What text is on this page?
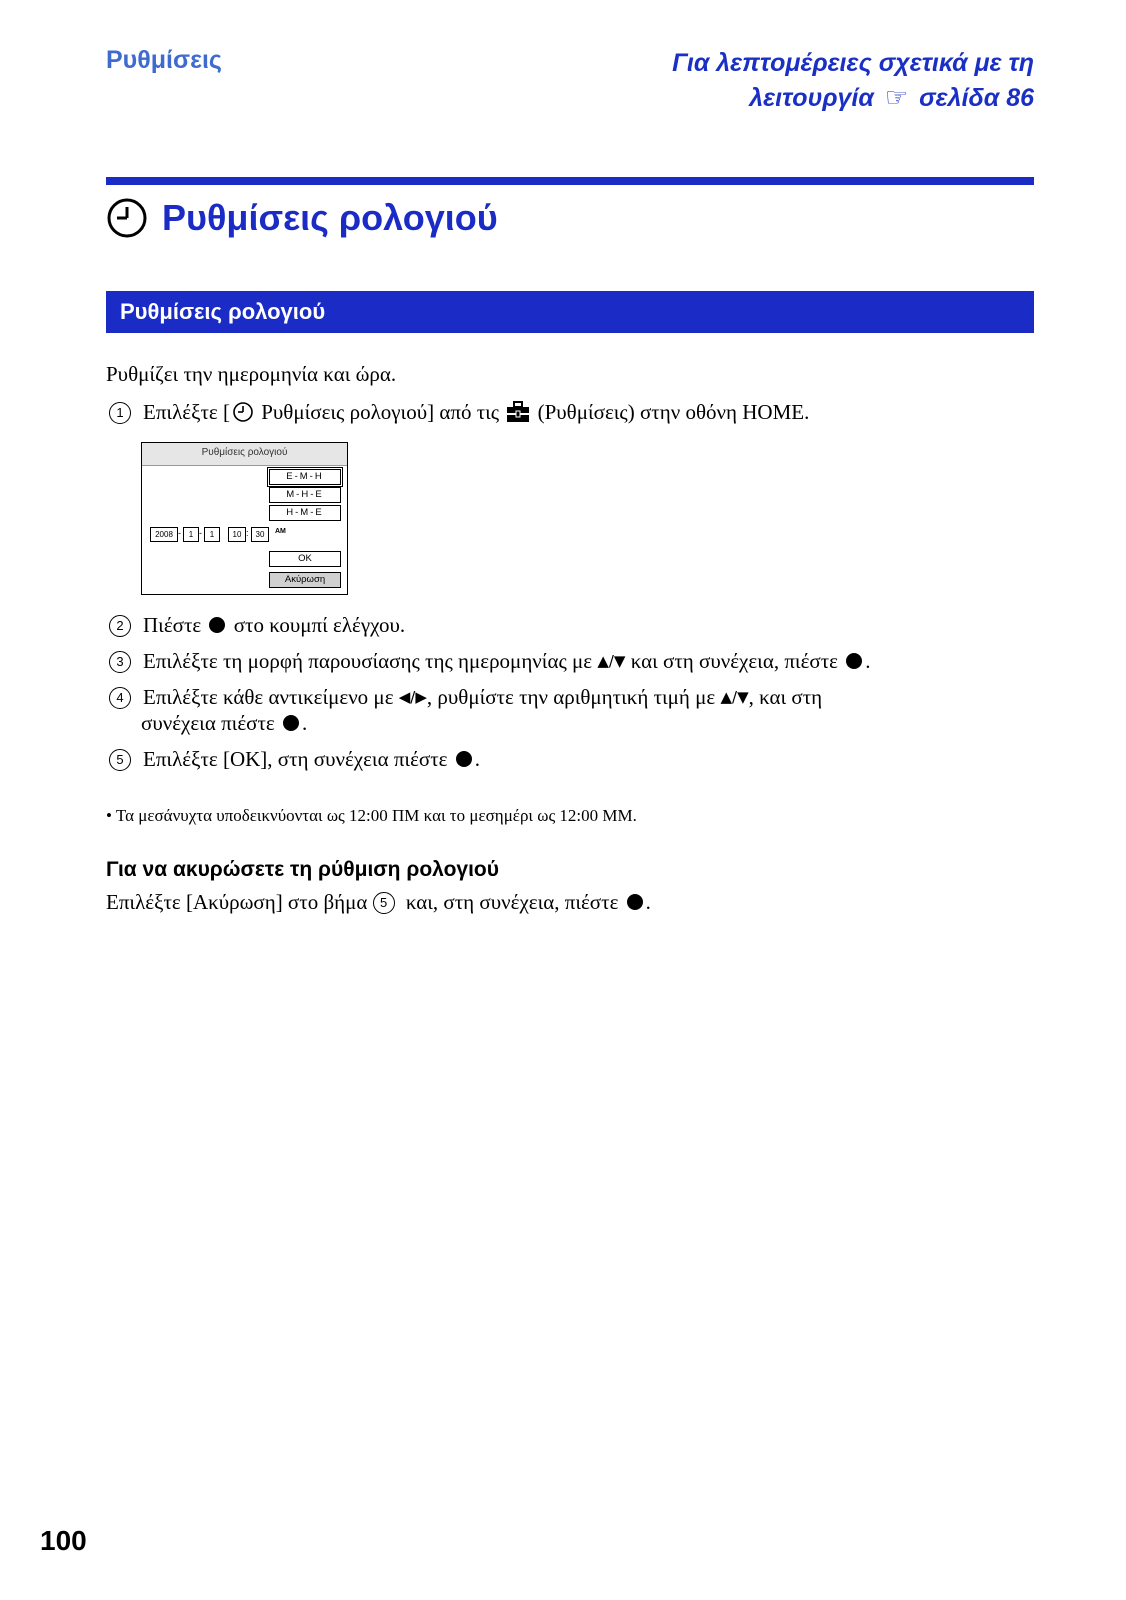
Ρυθμίσεις	Για λεπτομέρειες σχετικά με τη
λειτουργία ☞ σελίδα 86
Ρυθμίσεις ρολογιού
Ρυθμίσεις ρολογιού
Ρυθμίζει την ημερομηνία και ώρα.
1 Επιλέξτε [ Ρυθμίσεις ρολογιού] από τις  (Ρυθμίσεις) στην οθόνη HOME.
Ρυθμίσεις ρολογιού
E-M-H
M-H-E
H-M-E
2008 - 1 - 1	10 : 30	AM
OK
Ακύρωση
2 Πιέστε  στο κουμπί ελέγχου.
3 Επιλέξτε τη μορφή παρουσίασης της ημερομηνίας με ▲/▼ και στη συνέχεια, πιέστε .
4 Επιλέξτε κάθε αντικείμενο με ◀/▶, ρυθμίστε την αριθμητική τιμή με ▲/▼, και στη
συνέχεια πιέστε .
5 Επιλέξτε [OK], στη συνέχεια πιέστε .
• Τα μεσάνυχτα υποδεικνύονται ως 12:00 ΠΜ και το μεσημέρι ως 12:00 ΜΜ.
Για να ακυρώσετε τη ρύθμιση ρολογιού
Επιλέξτε [Ακύρωση] στο βήμα 5 και, στη συνέχεια, πιέστε .
100
